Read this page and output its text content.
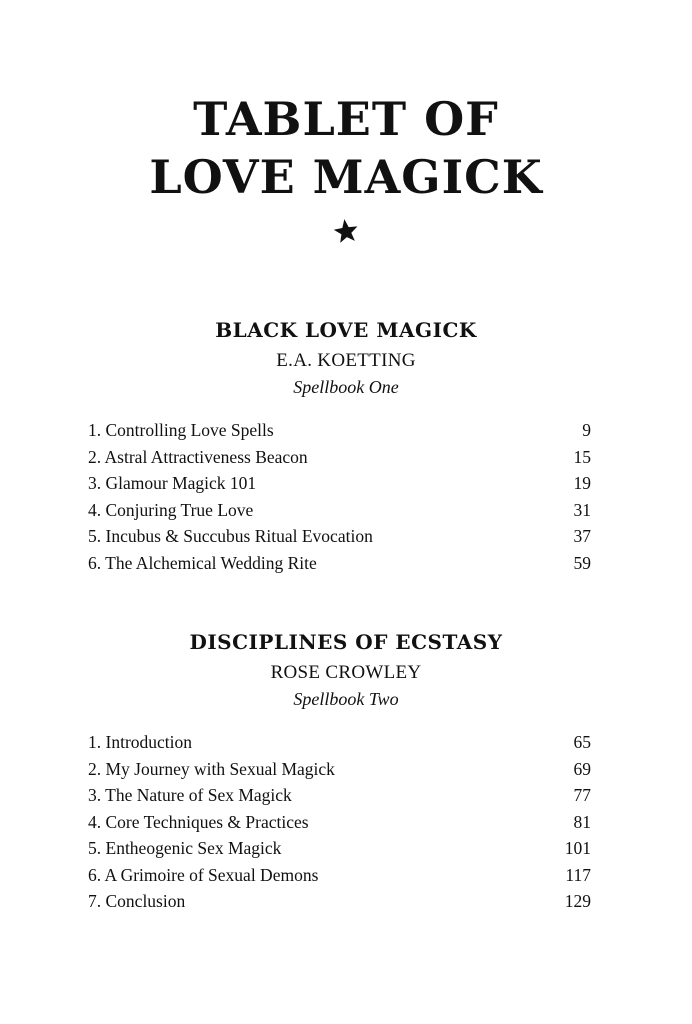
TABLET OF
LOVE MAGICK
BLACK LOVE MAGICK
E.A. KOETTING
Spellbook One
1. Controlling Love Spells	9
2. Astral Attractiveness Beacon	15
3. Glamour Magick 101	19
4. Conjuring True Love	31
5. Incubus & Succubus Ritual Evocation	37
6. The Alchemical Wedding Rite	59
DISCIPLINES OF ECSTASY
ROSE CROWLEY
Spellbook Two
1. Introduction	65
2. My Journey with Sexual Magick	69
3. The Nature of Sex Magick	77
4. Core Techniques & Practices	81
5. Entheogenic Sex Magick	101
6. A Grimoire of Sexual Demons	117
7. Conclusion	129
